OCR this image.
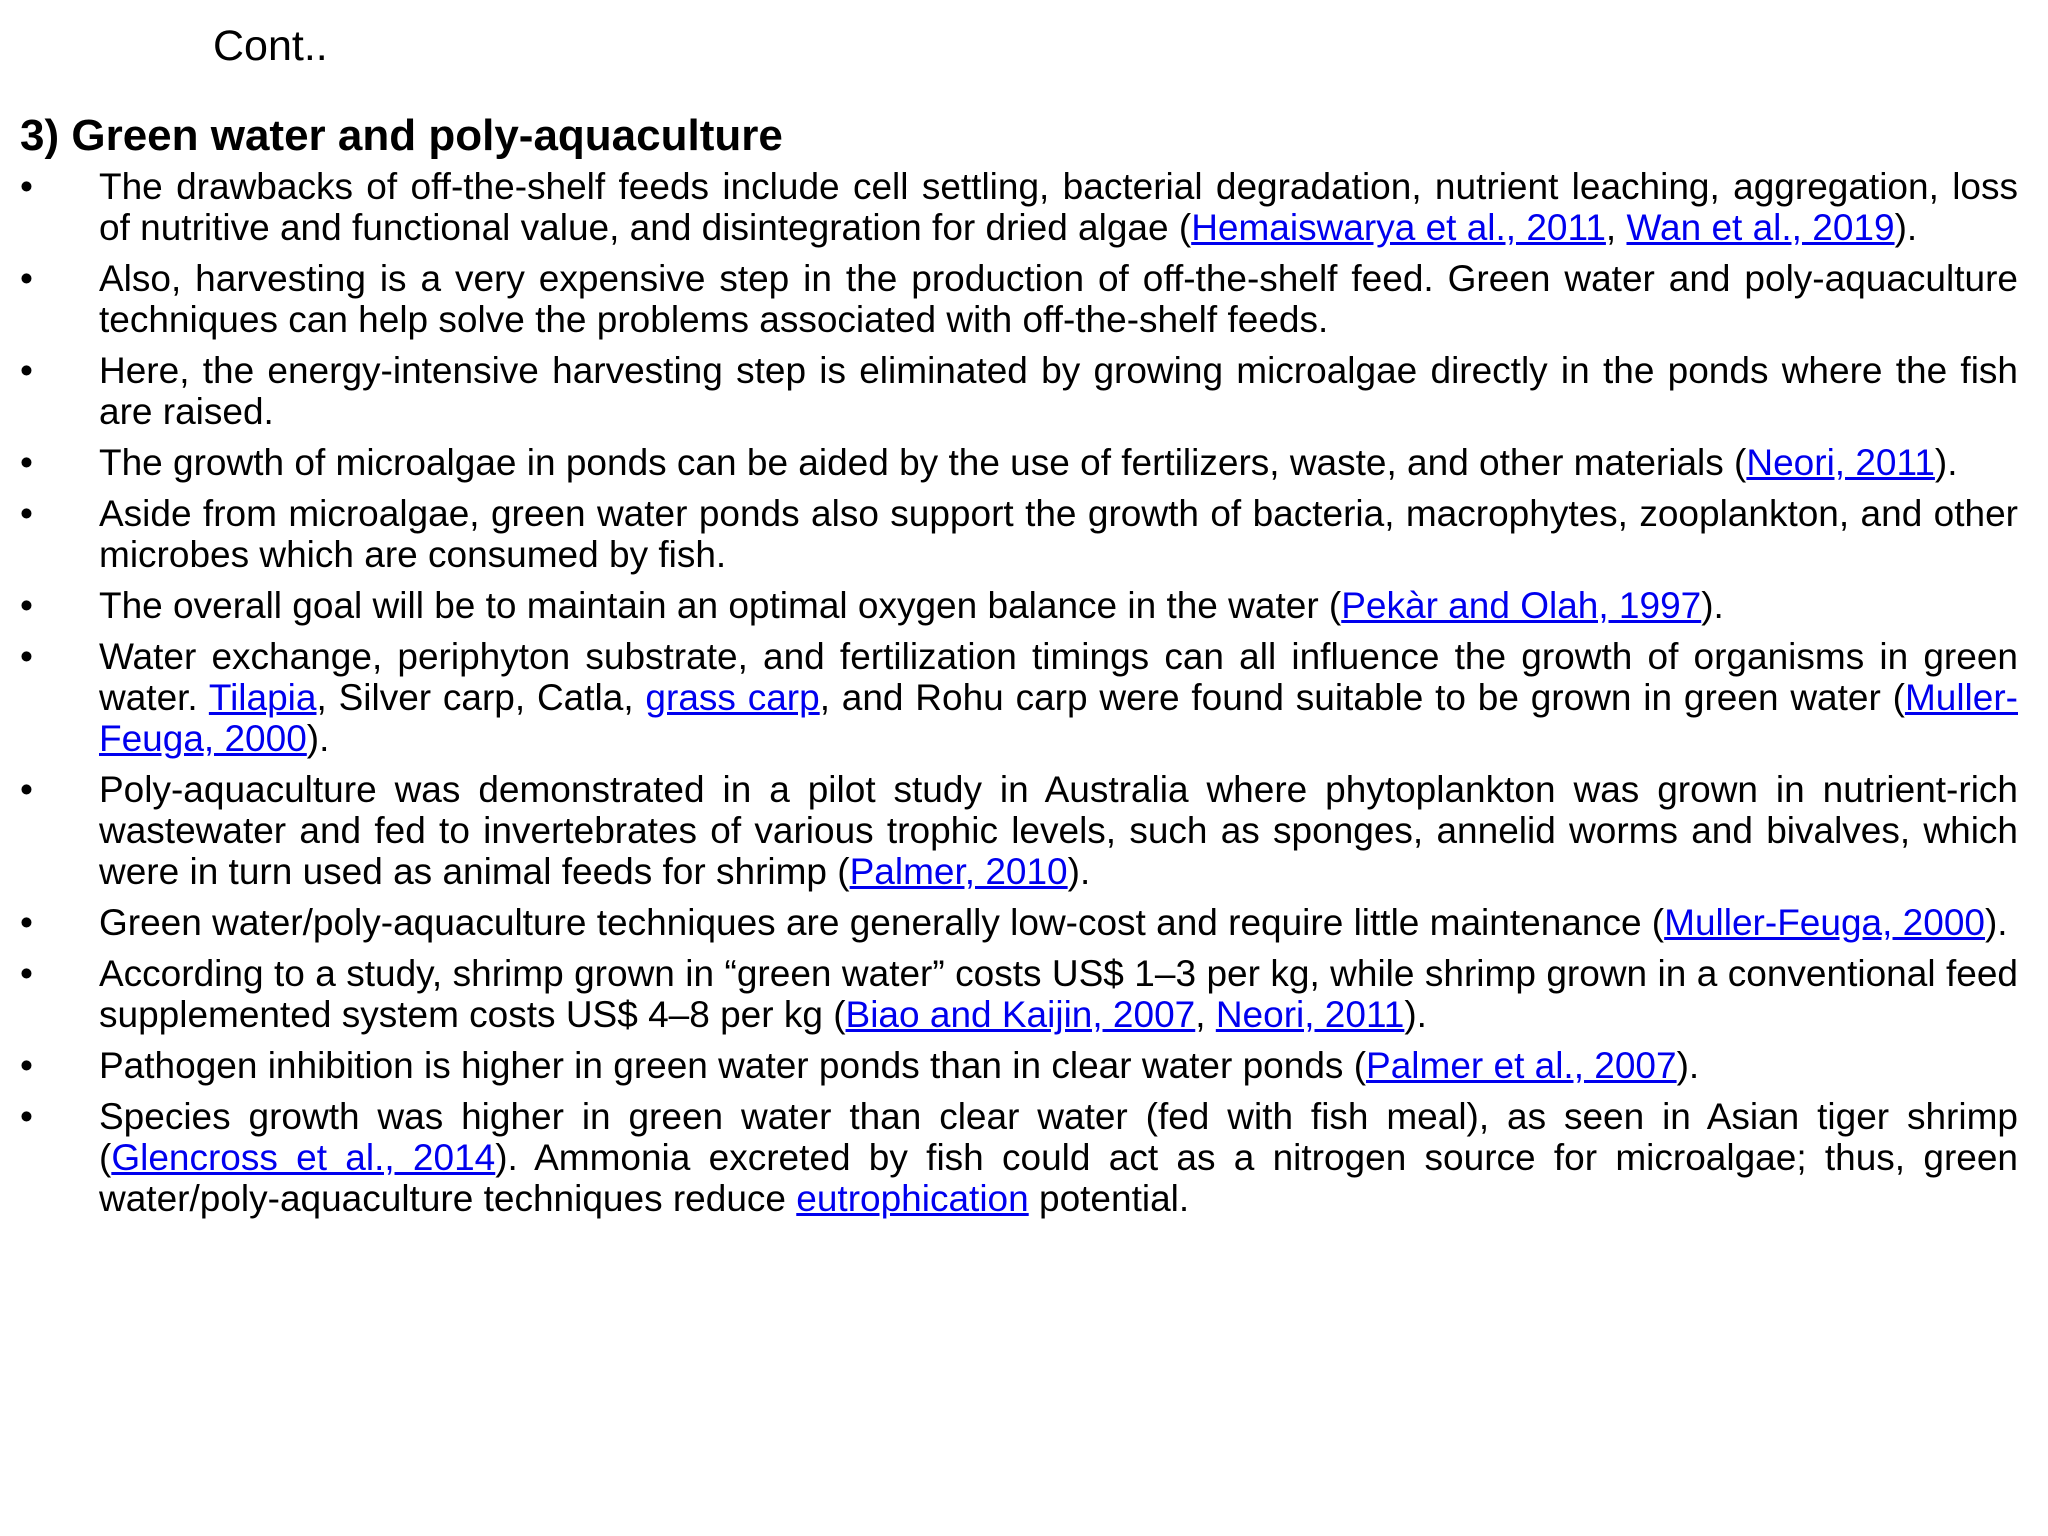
Cont..
3) Green water and poly-aquaculture
•	The drawbacks of off-the-shelf feeds include cell settling, bacterial degradation, nutrient leaching, aggregation, loss of nutritive and functional value, and disintegration for dried algae (Hemaiswarya et al., 2011, Wan et al., 2019).
•	Also, harvesting is a very expensive step in the production of off-the-shelf feed. Green water and poly-aquaculture techniques can help solve the problems associated with off-the-shelf feeds.
•	Here, the energy-intensive harvesting step is eliminated by growing microalgae directly in the ponds where the fish are raised.
•	The growth of microalgae in ponds can be aided by the use of fertilizers, waste, and other materials (Neori, 2011).
•	Aside from microalgae, green water ponds also support the growth of bacteria, macrophytes, zooplankton, and other microbes which are consumed by fish.
•	The overall goal will be to maintain an optimal oxygen balance in the water (Pekàr and Olah, 1997).
•	Water exchange, periphyton substrate, and fertilization timings can all influence the growth of organisms in green water. Tilapia, Silver carp, Catla, grass carp, and Rohu carp were found suitable to be grown in green water (Muller-Feuga, 2000).
•	Poly-aquaculture was demonstrated in a pilot study in Australia where phytoplankton was grown in nutrient-rich wastewater and fed to invertebrates of various trophic levels, such as sponges, annelid worms and bivalves, which were in turn used as animal feeds for shrimp (Palmer, 2010).
•	Green water/poly-aquaculture techniques are generally low-cost and require little maintenance (Muller-Feuga, 2000).
•	According to a study, shrimp grown in “green water” costs US$ 1–3 per kg, while shrimp grown in a conventional feed supplemented system costs US$ 4–8 per kg (Biao and Kaijin, 2007, Neori, 2011).
•	Pathogen inhibition is higher in green water ponds than in clear water ponds (Palmer et al., 2007).
•	Species growth was higher in green water than clear water (fed with fish meal), as seen in Asian tiger shrimp (Glencross et al., 2014). Ammonia excreted by fish could act as a nitrogen source for microalgae; thus, green water/poly-aquaculture techniques reduce eutrophication potential.
